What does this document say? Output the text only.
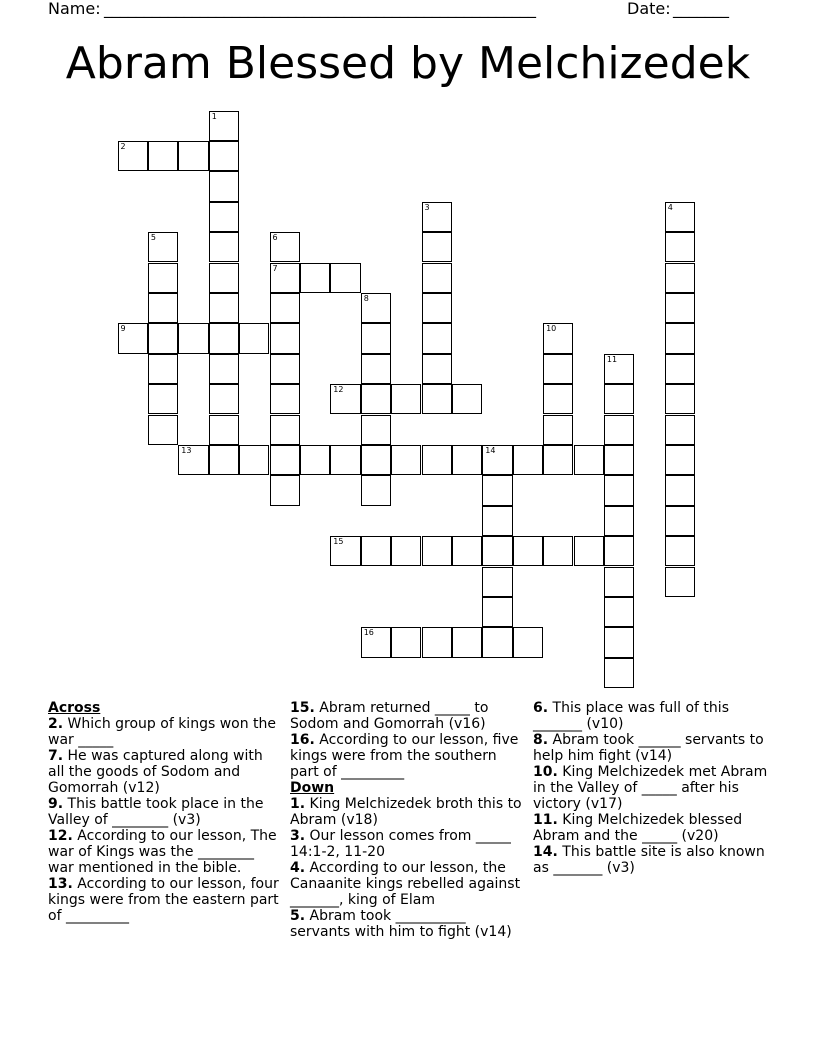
Name: ______________________________________________________	Date: _______
Abram Blessed by Melchizedek
2
7
9
12
13	14
15
16
1
3	4
5	6
8
10
11

Across

2. Which group of kings won the war _____

7. He was captured along with all the goods of Sodom and Gomorrah (v12)

9. This battle took place in the Valley of ________ (v3)

12. According to our lesson, The war of Kings was the ________ war mentioned in the bible.

13. According to our lesson, four kings were from the eastern part of _________

15. Abram returned _____ to Sodom and Gomorrah (v16)

16. According to our lesson, five kings were from the southern part of _________

Down

1. King Melchizedek broth this to Abram (v18)

3. Our lesson comes from _____ 14:1-2, 11-20

4. According to our lesson, the Canaanite kings rebelled against _______, king of Elam

5. Abram took __________ servants with him to fight (v14)

6. This place was full of this _______ (v10)

8. Abram took ______ servants to help him fight (v14)

10. King Melchizedek met Abram in the Valley of _____ after his victory (v17)

11. King Melchizedek blessed Abram and the _____ (v20)

14. This battle site is also known as _______ (v3)
